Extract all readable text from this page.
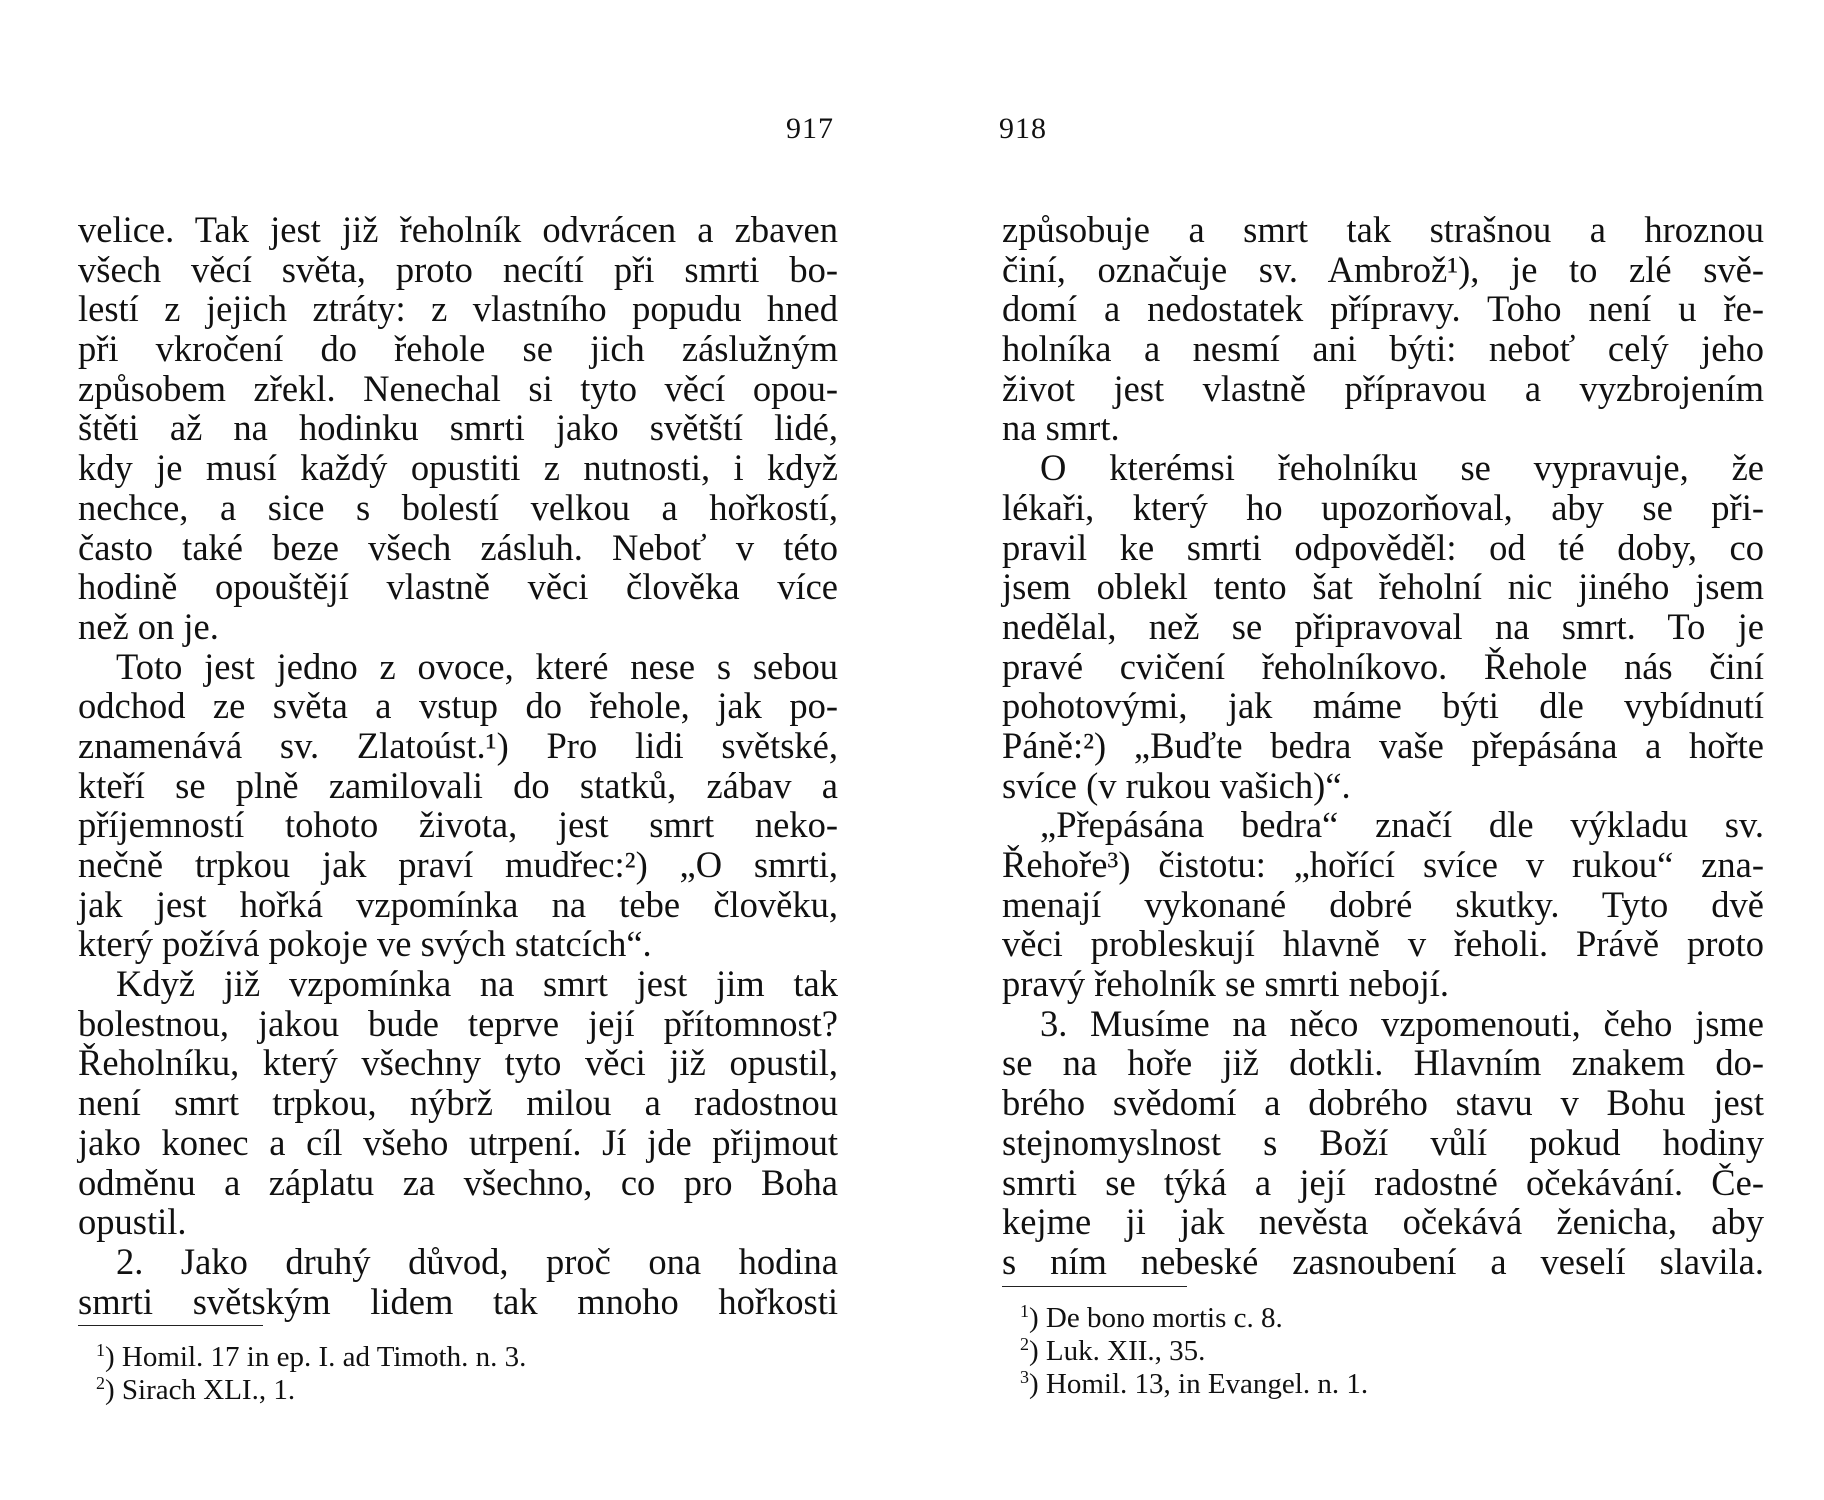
917	918
velice. Tak jest již řeholník odvrácen a zbaven
všech věcí světa, proto necítí při smrti bo-
lestí z jejich ztráty: z vlastního popudu hned
při vkročení do řehole se jich záslužným
způsobem zřekl. Nenechal si tyto věcí opou-
štěti až na hodinku smrti jako světští lidé,
kdy je musí každý opustiti z nutnosti, i když
nechce, a sice s bolestí velkou a hořkostí,
často také beze všech zásluh. Neboť v této
hodině opouštějí vlastně věci člověka více
než on je.
Toto jest jedno z ovoce, které nese s sebou
odchod ze světa a vstup do řehole, jak po-
znamenává sv. Zlatoúst.¹) Pro lidi světské,
kteří se plně zamilovali do statků, zábav a
příjemností tohoto života, jest smrt neko-
nečně trpkou jak praví mudřec:²) „O smrti,
jak jest hořká vzpomínka na tebe člověku,
který požívá pokoje ve svých statcích“.
Když již vzpomínka na smrt jest jim tak
bolestnou, jakou bude teprve její přítomnost?
Řeholníku, který všechny tyto věci již opustil,
není smrt trpkou, nýbrž milou a radostnou
jako konec a cíl všeho utrpení. Jí jde přijmout
odměnu a záplatu za všechno, co pro Boha
opustil.
2. Jako druhý důvod, proč ona hodina
smrti světským lidem tak mnoho hořkosti
$^1$) Homil. 17 in ep. I. ad Timoth. n. 3.
$^2$) Sirach XLI., 1.
způsobuje a smrt tak strašnou a hroznou
činí, označuje sv. Ambrož¹), je to zlé svě-
domí a nedostatek přípravy. Toho není u ře-
holníka a nesmí ani býti: neboť celý jeho
život jest vlastně přípravou a vyzbrojením
na smrt.
O kterémsi řeholníku se vypravuje, že
lékaři, který ho upozorňoval, aby se při-
pravil ke smrti odpověděl: od té doby, co
jsem oblekl tento šat řeholní nic jiného jsem
nedělal, než se připravoval na smrt. To je
pravé cvičení řeholníkovo. Řehole nás činí
pohotovými, jak máme býti dle vybídnutí
Páně:²) „Buďte bedra vaše přepásána a hořte
svíce (v rukou vašich)“.
„Přepásána bedra“ značí dle výkladu sv.
Řehoře³) čistotu: „hořící svíce v rukou“ zna-
menají vykonané dobré skutky. Tyto dvě
věci probleskují hlavně v řeholi. Právě proto
pravý řeholník se smrti nebojí.
3. Musíme na něco vzpomenouti, čeho jsme
se na hoře již dotkli. Hlavním znakem do-
brého svědomí a dobrého stavu v Bohu jest
stejnomyslnost s Boží vůlí pokud hodiny
smrti se týká a její radostné očekávání. Če-
kejme ji jak nevěsta očekává ženicha, aby
s ním nebeské zasnoubení a veselí slavila.
$^1$) De bono mortis c. 8.
$^2$) Luk. XII., 35.
$^3$) Homil. 13, in Evangel. n. 1.
